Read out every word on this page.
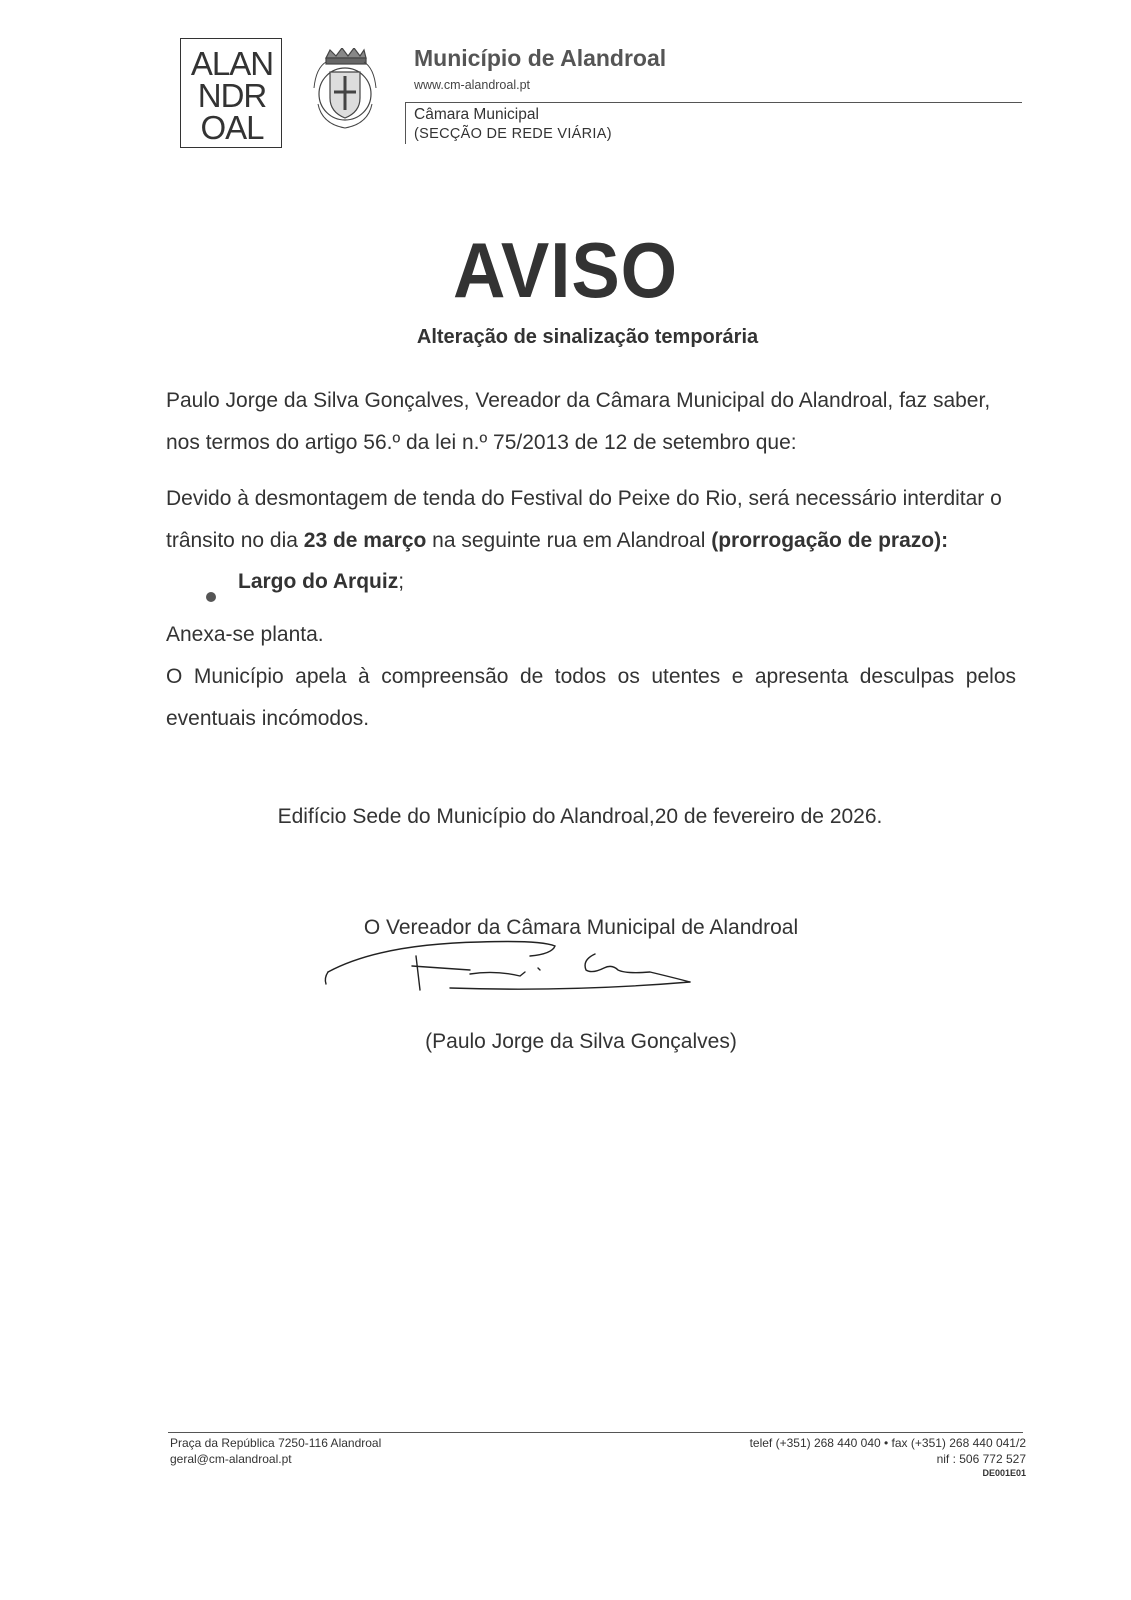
ALAN
NDR
OAL
Município de Alandroal
www.cm-alandroal.pt
Câmara Municipal
(SECÇÃO DE REDE VIÁRIA)
AVISO
Alteração de sinalização temporária
Paulo Jorge da Silva Gonçalves, Vereador da Câmara Municipal do Alandroal, faz saber, nos termos do artigo 56.º da lei n.º 75/2013 de 12 de setembro que:
Devido à desmontagem de tenda do Festival do Peixe do Rio, será necessário interditar o trânsito no dia 23 de março na seguinte rua em Alandroal (prorrogação de prazo):
Largo do Arquiz;
Anexa-se planta.
O Município apela à compreensão de todos os utentes e apresenta desculpas pelos eventuais incómodos.
Edifício Sede do Município do Alandroal,20 de fevereiro de 2026.
O Vereador da Câmara Municipal de Alandroal
(Paulo Jorge da Silva Gonçalves)
Praça da República 7250-116 Alandroal
geral@cm-alandroal.pt
telef (+351) 268 440 040 • fax (+351) 268 440 041/2
nif : 506 772 527
DE001E01
